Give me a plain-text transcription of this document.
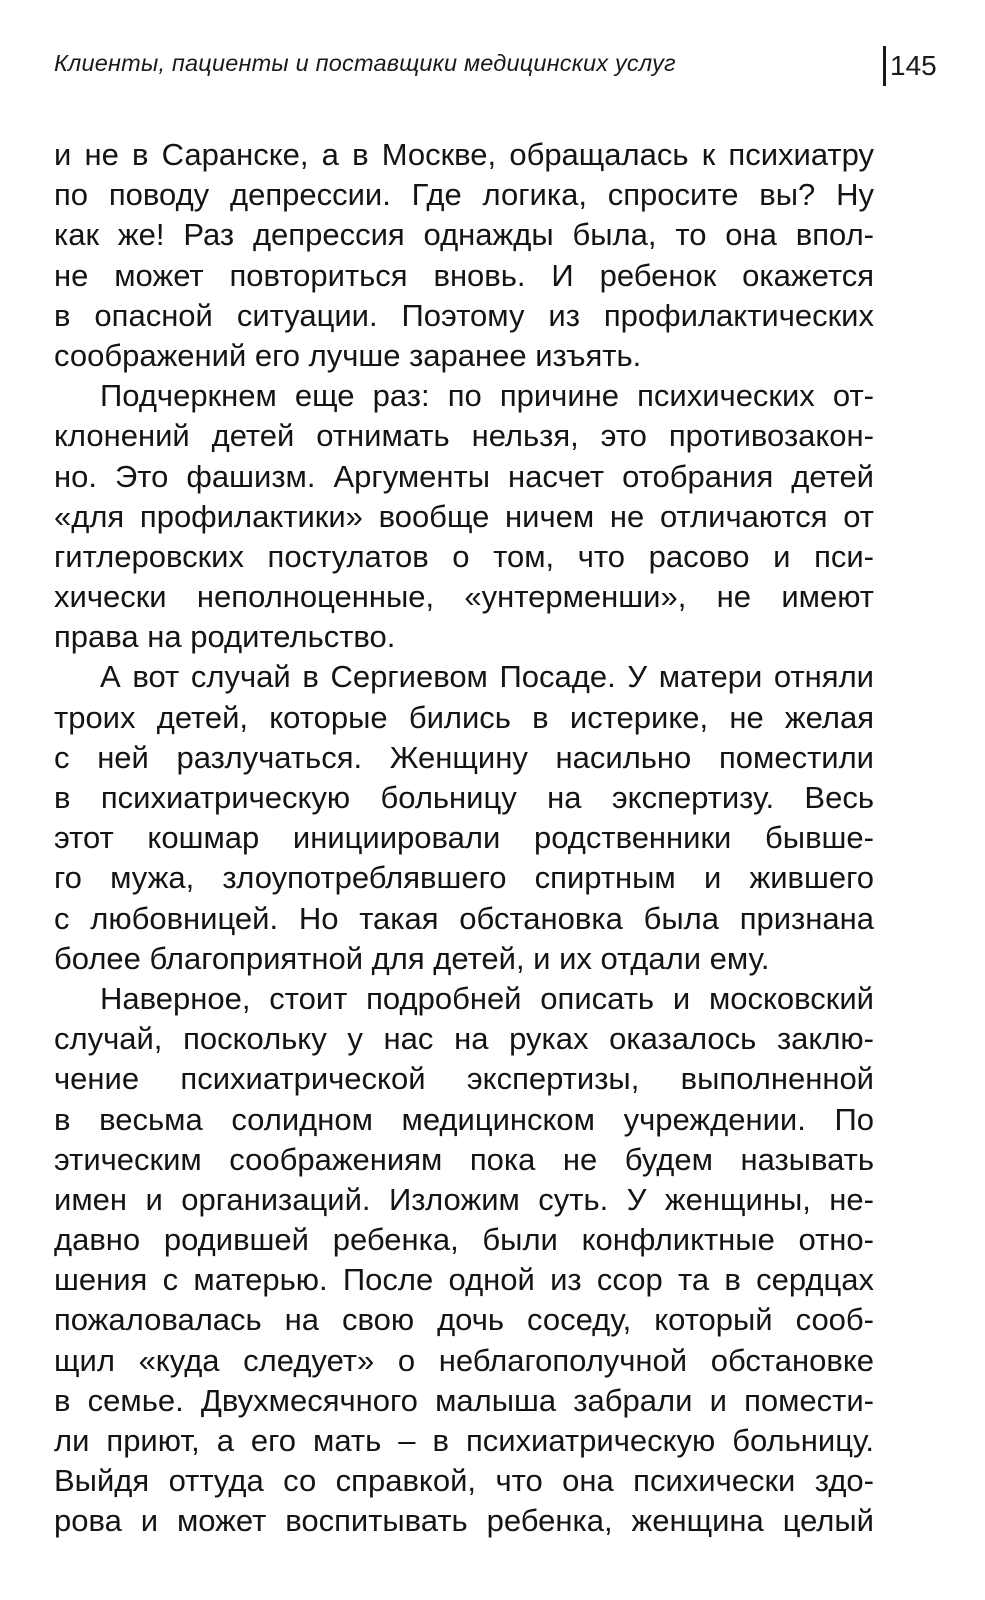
Клиенты, пациенты и поставщики медицинских услуг	145
и не в Саранске, а в Москве, обращалась к психиатру
по поводу депрессии. Где логика, спросите вы? Ну
как же! Раз депрессия однажды была, то она впол-
не может повториться вновь. И ребенок окажется
в опасной ситуации. Поэтому из профилактических
соображений его лучше заранее изъять.
Подчеркнем еще раз: по причине психических от-
клонений детей отнимать нельзя, это противозакон-
но. Это фашизм. Аргументы насчет отобрания детей
«для профилактики» вообще ничем не отличаются от
гитлеровских постулатов о том, что расово и пси-
хически неполноценные, «унтерменши», не имеют
права на родительство.
А вот случай в Сергиевом Посаде. У матери отняли
троих детей, которые бились в истерике, не желая
с ней разлучаться. Женщину насильно поместили
в психиатрическую больницу на экспертизу. Весь
этот кошмар инициировали родственники бывше-
го мужа, злоупотреблявшего спиртным и жившего
с любовницей. Но такая обстановка была признана
более благоприятной для детей, и их отдали ему.
Наверное, стоит подробней описать и московский
случай, поскольку у нас на руках оказалось заклю-
чение психиатрической экспертизы, выполненной
в весьма солидном медицинском учреждении. По
этическим соображениям пока не будем называть
имен и организаций. Изложим суть. У женщины, не-
давно родившей ребенка, были конфликтные отно-
шения с матерью. После одной из ссор та в сердцах
пожаловалась на свою дочь соседу, который сооб-
щил «куда следует» о неблагополучной обстановке
в семье. Двухмесячного малыша забрали и помести-
ли приют, а его мать – в психиатрическую больницу.
Выйдя оттуда со справкой, что она психически здо-
рова и может воспитывать ребенка, женщина целый
